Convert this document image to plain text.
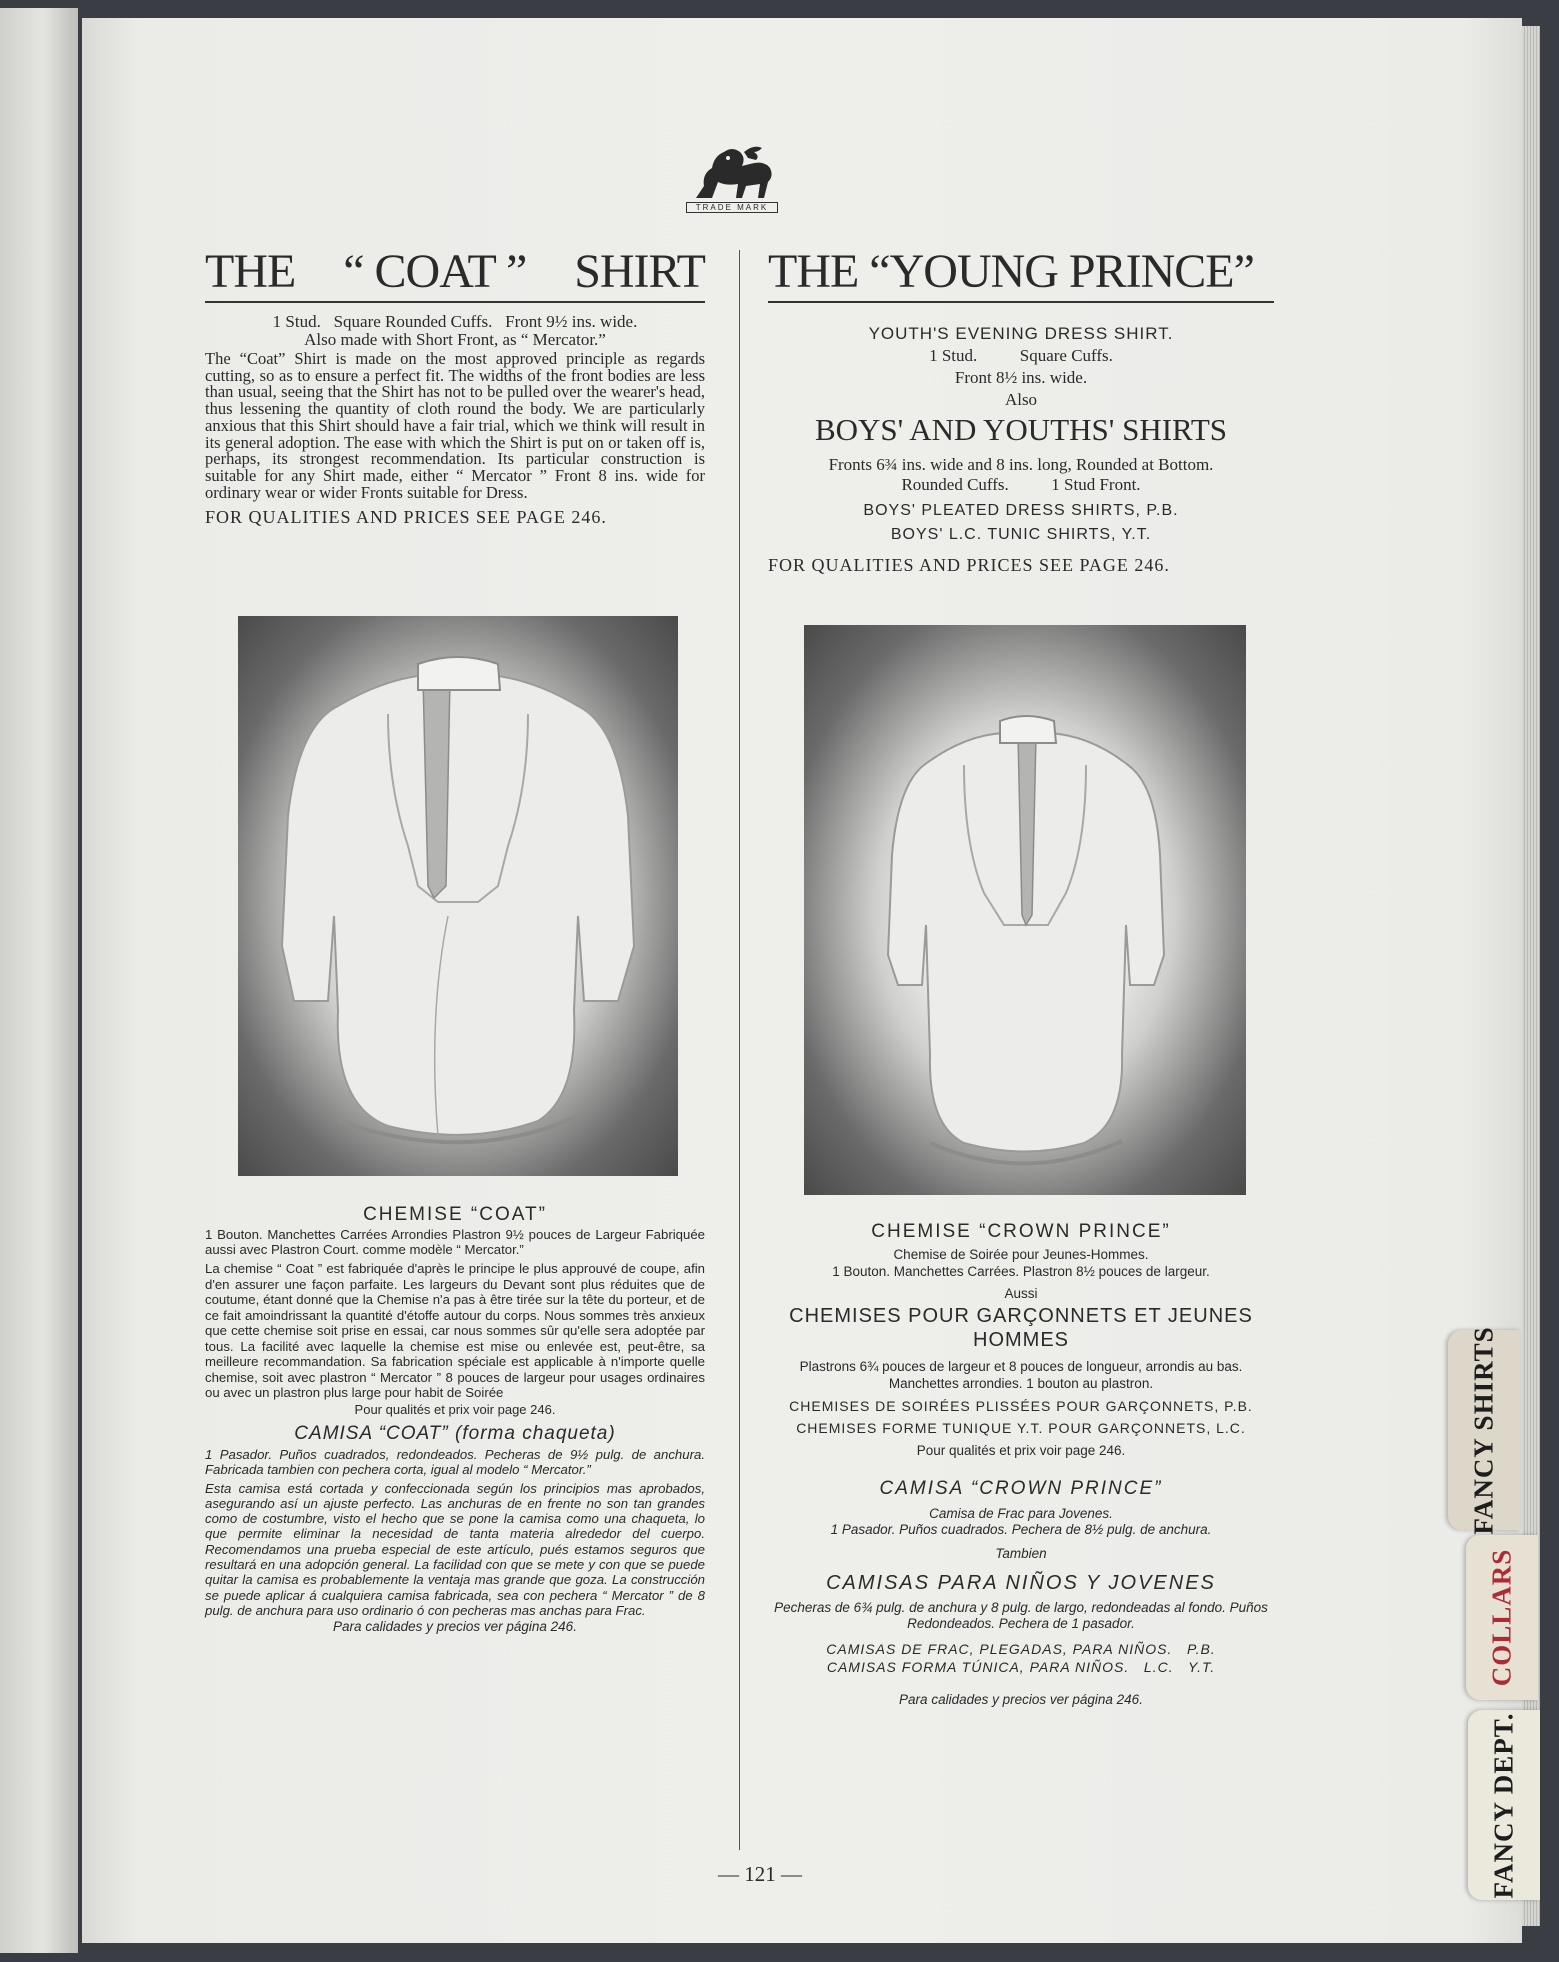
FANCY SHIRTS
COLLARS
FANCY DEPT.
TRADE MARK
THE “ COAT ” SHIRT

1 Stud.   Square Rounded Cuffs.   Front 9½ ins. wide.

Also made with Short Front, as “ Mercator.”

The “Coat” Shirt is made on the most approved principle as regards cutting, so as to ensure a perfect fit. The widths of the front bodies are less than usual, seeing that the Shirt has not to be pulled over the wearer's head, thus lessening the quantity of cloth round the body. We are particularly anxious that this Shirt should have a fair trial, which we think will result in its general adoption. The ease with which the Shirt is put on or taken off is, perhaps, its strongest recommendation. Its particular construction is suitable for any Shirt made, either “ Mercator ” Front 8 ins. wide for ordinary wear or wider Fronts suitable for Dress.

FOR QUALITIES AND PRICES SEE PAGE 246.

CHEMISE “COAT”

1 Bouton. Manchettes Carrées Arrondies Plastron 9½ pouces de Largeur Fabriquée aussi avec Plastron Court. comme modèle “ Mercator.”

La chemise “ Coat ” est fabriquée d'après le principe le plus approuvé de coupe, afin d'en assurer une façon parfaite. Les largeurs du Devant sont plus réduites que de coutume, étant donné que la Chemise n'a pas à être tirée sur la tête du porteur, et de ce fait amoindrissant la quantité d'étoffe autour du corps. Nous sommes très anxieux que cette chemise soit prise en essai, car nous sommes sûr qu'elle sera adoptée par tous. La facilité avec laquelle la chemise est mise ou enlevée est, peut-être, sa meilleure recommandation. Sa fabrication spéciale est applicable à n'importe quelle chemise, soit avec plastron “ Mercator ” 8 pouces de largeur pour usages ordinaires ou avec un plastron plus large pour habit de Soirée

Pour qualités et prix voir page 246.

CAMISA “COAT” (forma chaqueta)

1 Pasador. Puños cuadrados, redondeados. Pecheras de 9½ pulg. de anchura. Fabricada tambien con pechera corta, igual al modelo “ Mercator.”

Esta camisa está cortada y confeccionada según los principios mas aprobados, asegurando así un ajuste perfecto. Las anchuras de en frente no son tan grandes como de costumbre, visto el hecho que se pone la camisa como una chaqueta, lo que permite eliminar la necesidad de tanta materia alrededor del cuerpo. Recomendamos una prueba especial de este artículo, pués estamos seguros que resultará en una adopción general. La facilidad con que se mete y con que se puede quitar la camisa es probablemente la ventaja mas grande que goza. La construcción se puede aplicar á cualquiera camisa fabricada, sea con pechera “ Mercator ” de 8 pulg. de anchura para uso ordinario ó con pecheras mas anchas para Frac.

Para calidades y precios ver página 246.

THE “YOUNG PRINCE”

YOUTH'S EVENING DRESS SHIRT.

1 Stud.          Square Cuffs.

Front 8½ ins. wide.

Also

BOYS' AND YOUTHS' SHIRTS

Fronts 6¾ ins. wide and 8 ins. long, Rounded at Bottom.

Rounded Cuffs.          1 Stud Front.

BOYS' PLEATED DRESS SHIRTS, P.B.

BOYS' L.C. TUNIC SHIRTS, Y.T.

FOR QUALITIES AND PRICES SEE PAGE 246.

CHEMISE “CROWN PRINCE”

Chemise de Soirée pour Jeunes-Hommes.

1 Bouton. Manchettes Carrées. Plastron 8½ pouces de largeur.

Aussi

CHEMISES POUR GARÇONNETS ET JEUNES HOMMES

Plastrons 6¾ pouces de largeur et 8 pouces de longueur, arrondis au bas. Manchettes arrondies. 1 bouton au plastron.

CHEMISES DE SOIRÉES PLISSÉES POUR GARÇONNETS, P.B.

CHEMISES FORME TUNIQUE Y.T. POUR GARÇONNETS, L.C.

Pour qualités et prix voir page 246.

CAMISA “CROWN PRINCE”

Camisa de Frac para Jovenes.

1 Pasador. Puños cuadrados. Pechera de 8½ pulg. de anchura.

Tambien

CAMISAS PARA NIÑOS Y JOVENES

Pecheras de 6¾ pulg. de anchura y 8 pulg. de largo, redondeadas al fondo. Puños Redondeados. Pechera de 1 pasador.

CAMISAS DE FRAC, PLEGADAS, PARA NIÑOS.   P.B.

CAMISAS FORMA TÚNICA, PARA NIÑOS.   L.C.   Y.T.

Para calidades y precios ver página 246.

— 121 —
